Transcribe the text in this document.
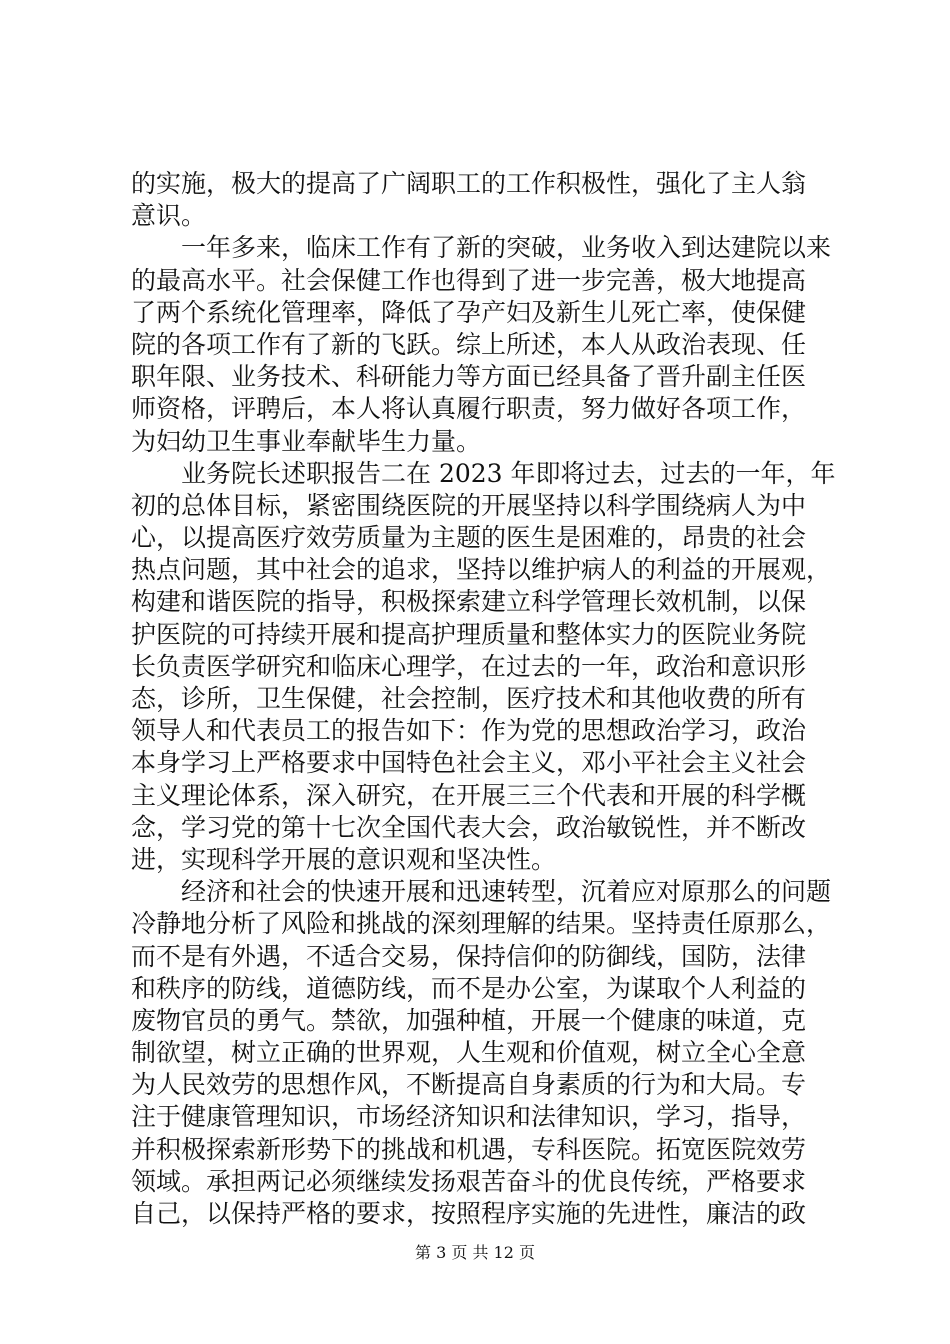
的实施，极大的提高了广阔职工的工作积极性，强化了主人翁
意识。
　　一年多来，临床工作有了新的突破，业务收入到达建院以来
的最高水平。社会保健工作也得到了进一步完善，极大地提高
了两个系统化管理率，降低了孕产妇及新生儿死亡率，使保健
院的各项工作有了新的飞跃。综上所述，本人从政治表现、任
职年限、业务技术、科研能力等方面已经具备了晋升副主任医
师资格，评聘后，本人将认真履行职责，努力做好各项工作，
为妇幼卫生事业奉献毕生力量。
　　业务院长述职报告二在 2023 年即将过去，过去的一年，年
初的总体目标，紧密围绕医院的开展坚持以科学围绕病人为中
心，以提高医疗效劳质量为主题的医生是困难的，昂贵的社会
热点问题，其中社会的追求，坚持以维护病人的利益的开展观，
构建和谐医院的指导，积极探索建立科学管理长效机制，以保
护医院的可持续开展和提高护理质量和整体实力的医院业务院
长负责医学研究和临床心理学，在过去的一年，政治和意识形
态，诊所，卫生保健，社会控制，医疗技术和其他收费的所有
领导人和代表员工的报告如下：作为党的思想政治学习，政治
本身学习上严格要求中国特色社会主义，邓小平社会主义社会
主义理论体系，深入研究，在开展三三个代表和开展的科学概
念，学习党的第十七次全国代表大会，政治敏锐性，并不断改
进，实现科学开展的意识观和坚决性。
　　经济和社会的快速开展和迅速转型，沉着应对原那么的问题
冷静地分析了风险和挑战的深刻理解的结果。坚持责任原那么，
而不是有外遇，不适合交易，保持信仰的防御线，国防，法律
和秩序的防线，道德防线，而不是办公室，为谋取个人利益的
废物官员的勇气。禁欲，加强种植，开展一个健康的味道，克
制欲望，树立正确的世界观，人生观和价值观，树立全心全意
为人民效劳的思想作风，不断提高自身素质的行为和大局。专
注于健康管理知识，市场经济知识和法律知识，学习，指导，
并积极探索新形势下的挑战和机遇，专科医院。拓宽医院效劳
领域。承担两记必须继续发扬艰苦奋斗的优良传统，严格要求
自己，以保持严格的要求，按照程序实施的先进性，廉洁的政
第 3 页 共 12 页
